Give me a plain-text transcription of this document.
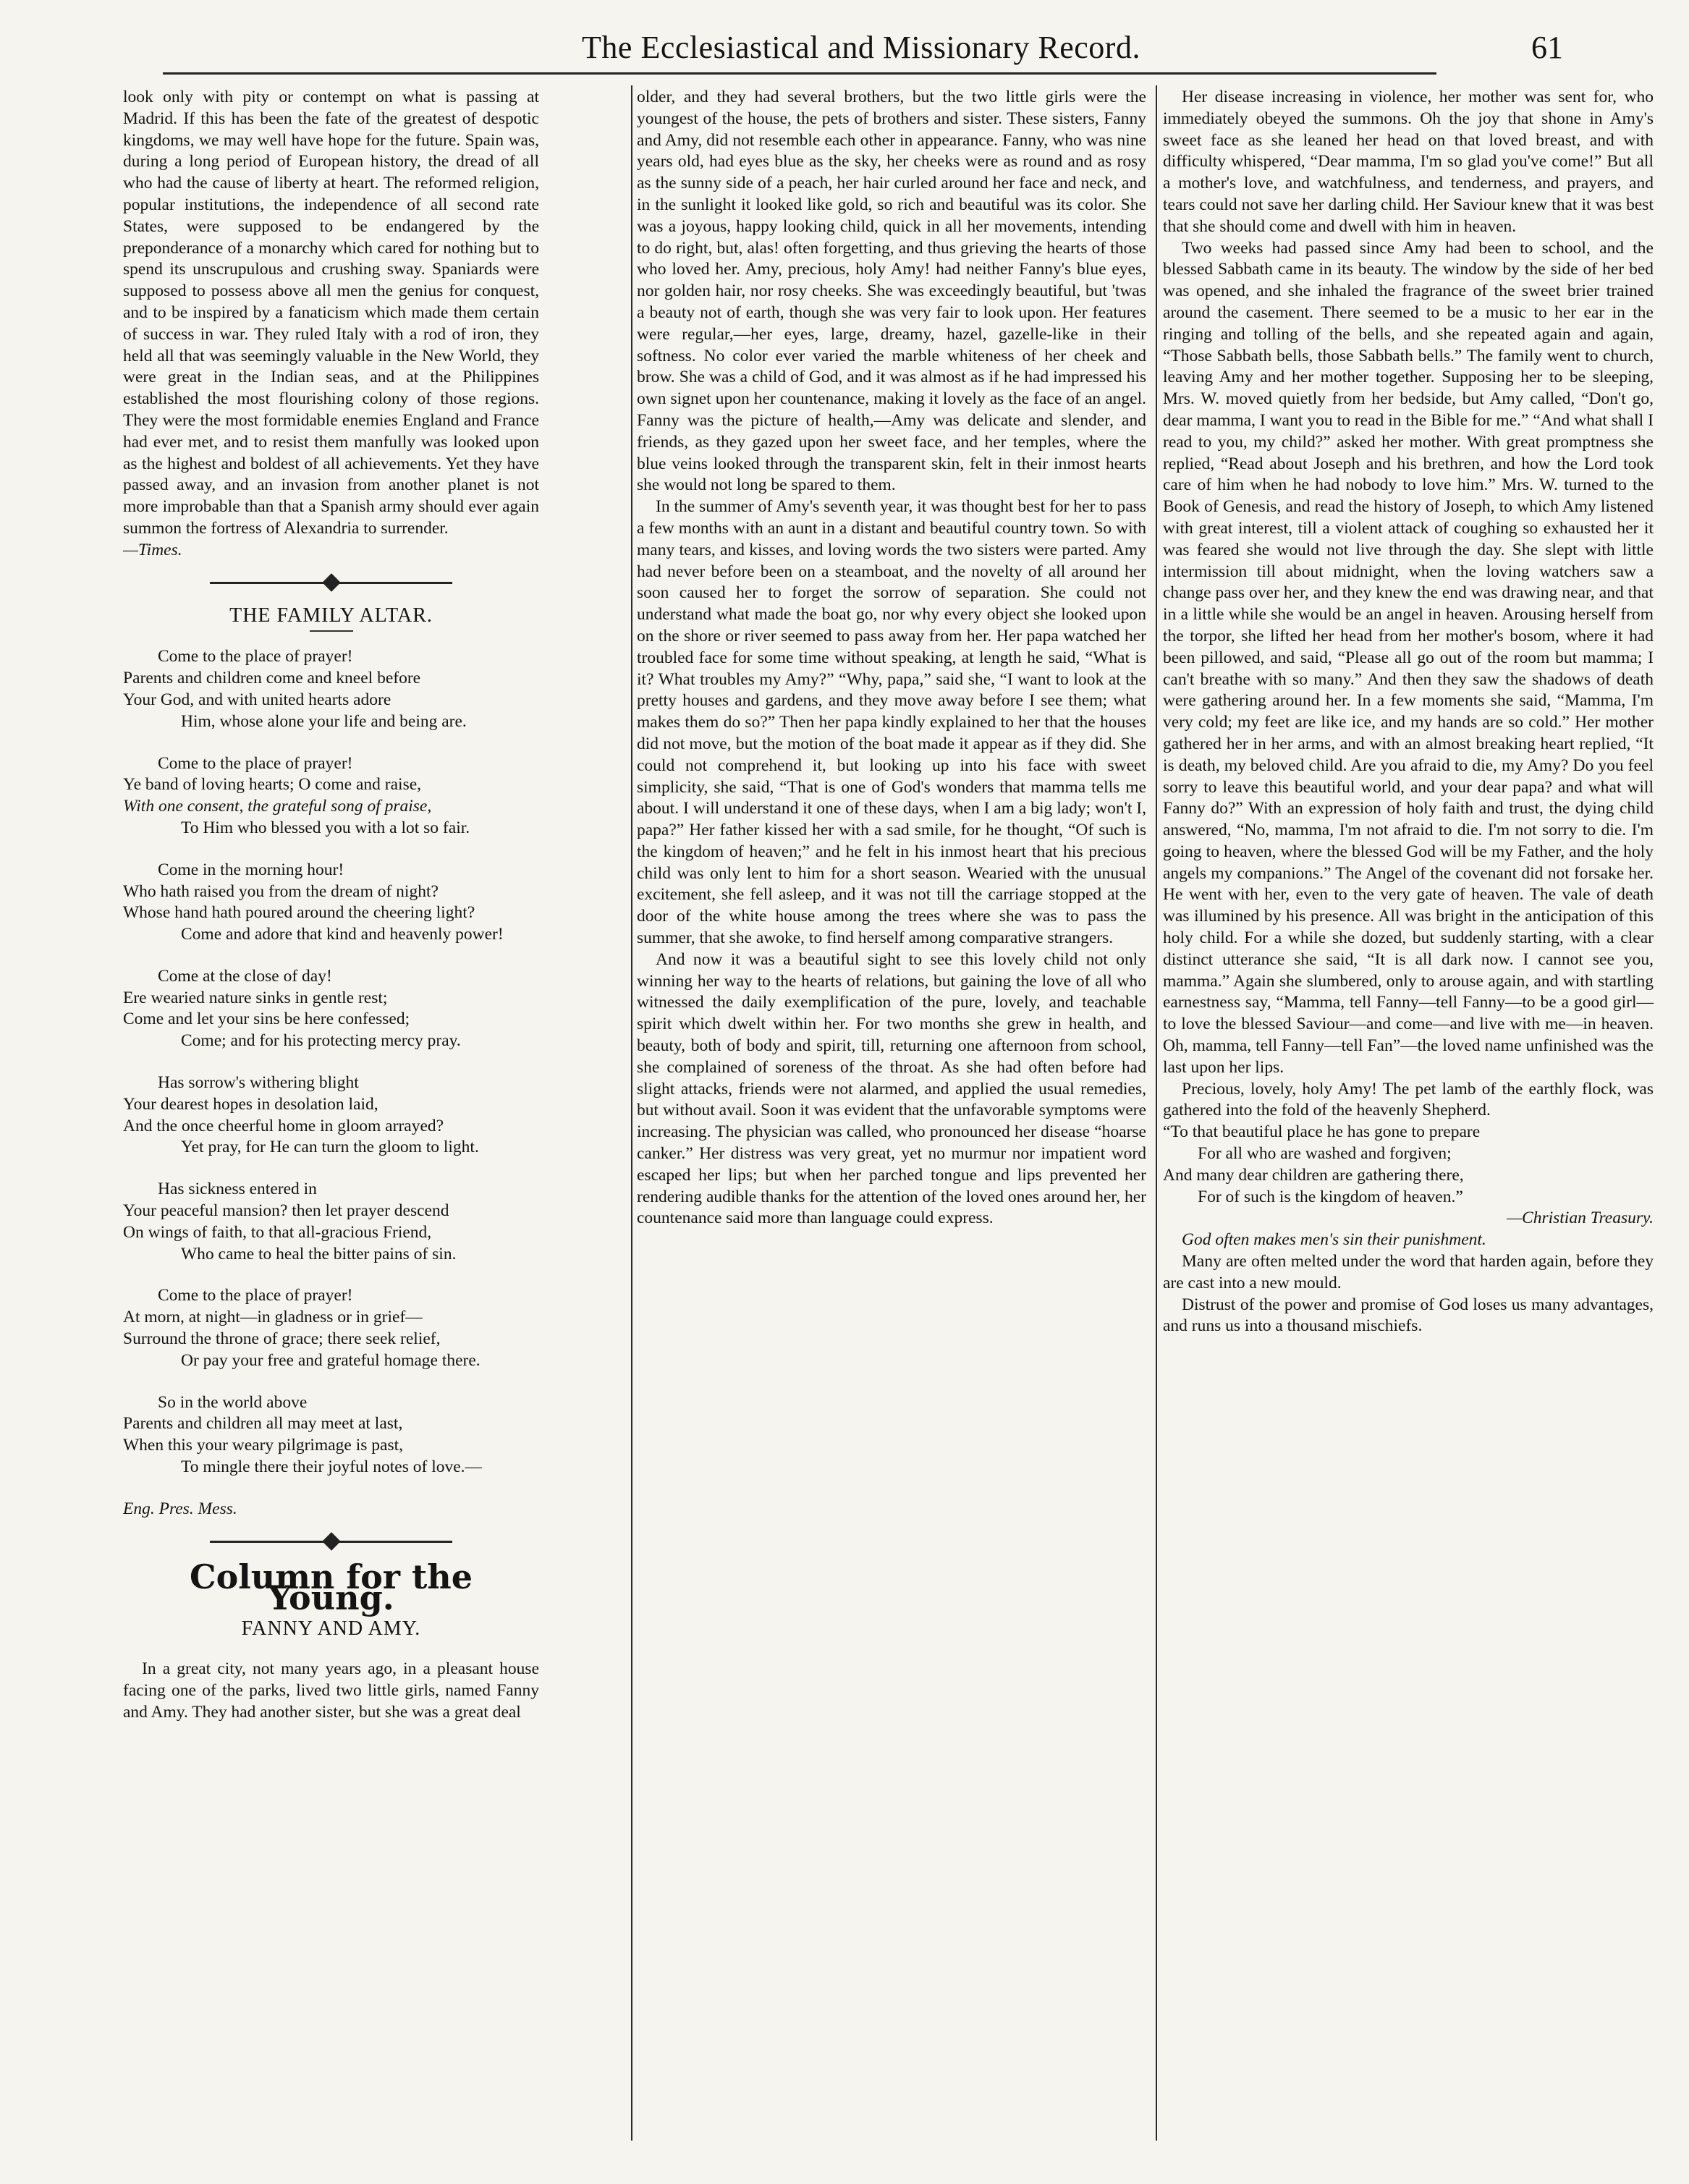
The Ecclesiastical and Missionary Record.	61

look only with pity or contempt on what is passing at Madrid. If this has been the fate of the greatest of despotic kingdoms, we may well have hope for the future. Spain was, during a long period of European history, the dread of all who had the cause of liberty at heart. The reformed religion, popular institutions, the independence of all second rate States, were supposed to be endangered by the preponderance of a monarchy which cared for nothing but to spend its unscrupulous and crushing sway. Spaniards were supposed to possess above all men the genius for conquest, and to be inspired by a fanaticism which made them certain of success in war. They ruled Italy with a rod of iron, they held all that was seemingly valuable in the New World, they were great in the Indian seas, and at the Philippines established the most flourishing colony of those regions. They were the most formidable enemies England and France had ever met, and to resist them manfully was looked upon as the highest and boldest of all achievements. Yet they have passed away, and an invasion from another planet is not more improbable than that a Spanish army should ever again summon the fortress of Alexandria to surrender.

—Times.

THE FAMILY ALTAR.
Come to the place of prayer!
Parents and children come and kneel before
Your God, and with united hearts adore
Him, whose alone your life and being are.
Come to the place of prayer!
Ye band of loving hearts; O come and raise,
With one consent, the grateful song of praise,
To Him who blessed you with a lot so fair.
Come in the morning hour!
Who hath raised you from the dream of night?
Whose hand hath poured around the cheering light?
Come and adore that kind and heavenly power!
Come at the close of day!
Ere wearied nature sinks in gentle rest;
Come and let your sins be here confessed;
Come; and for his protecting mercy pray.
Has sorrow's withering blight
Your dearest hopes in desolation laid,
And the once cheerful home in gloom arrayed?
Yet pray, for He can turn the gloom to light.
Has sickness entered in
Your peaceful mansion? then let prayer descend
On wings of faith, to that all-gracious Friend,
Who came to heal the bitter pains of sin.
Come to the place of prayer!
At morn, at night—in gladness or in grief—
Surround the throne of grace; there seek relief,
Or pay your free and grateful homage there.
So in the world above
Parents and children all may meet at last,
When this your weary pilgrimage is past,
To mingle there their joyful notes of love.—
Eng. Pres. Mess.
Column for the Young.
FANNY AND AMY.

In a great city, not many years ago, in a pleasant house facing one of the parks, lived two little girls, named Fanny and Amy. They had another sister, but she was a great deal

older, and they had several brothers, but the two little girls were the youngest of the house, the pets of brothers and sister. These sisters, Fanny and Amy, did not resemble each other in appearance. Fanny, who was nine years old, had eyes blue as the sky, her cheeks were as round and as rosy as the sunny side of a peach, her hair curled around her face and neck, and in the sunlight it looked like gold, so rich and beautiful was its color. She was a joyous, happy looking child, quick in all her movements, intending to do right, but, alas! often forgetting, and thus grieving the hearts of those who loved her. Amy, precious, holy Amy! had neither Fanny's blue eyes, nor golden hair, nor rosy cheeks. She was exceedingly beautiful, but 'twas a beauty not of earth, though she was very fair to look upon. Her features were regular,—her eyes, large, dreamy, hazel, gazelle-like in their softness. No color ever varied the marble whiteness of her cheek and brow. She was a child of God, and it was almost as if he had impressed his own signet upon her countenance, making it lovely as the face of an angel. Fanny was the picture of health,—Amy was delicate and slender, and friends, as they gazed upon her sweet face, and her temples, where the blue veins looked through the transparent skin, felt in their inmost hearts she would not long be spared to them.

In the summer of Amy's seventh year, it was thought best for her to pass a few months with an aunt in a distant and beautiful country town. So with many tears, and kisses, and loving words the two sisters were parted. Amy had never before been on a steamboat, and the novelty of all around her soon caused her to forget the sorrow of separation. She could not understand what made the boat go, nor why every object she looked upon on the shore or river seemed to pass away from her. Her papa watched her troubled face for some time without speaking, at length he said, “What is it? What troubles my Amy?” “Why, papa,” said she, “I want to look at the pretty houses and gardens, and they move away before I see them; what makes them do so?” Then her papa kindly explained to her that the houses did not move, but the motion of the boat made it appear as if they did. She could not comprehend it, but looking up into his face with sweet simplicity, she said, “That is one of God's wonders that mamma tells me about. I will understand it one of these days, when I am a big lady; won't I, papa?” Her father kissed her with a sad smile, for he thought, “Of such is the kingdom of heaven;” and he felt in his inmost heart that his precious child was only lent to him for a short season. Wearied with the unusual excitement, she fell asleep, and it was not till the carriage stopped at the door of the white house among the trees where she was to pass the summer, that she awoke, to find herself among comparative strangers.

And now it was a beautiful sight to see this lovely child not only winning her way to the hearts of relations, but gaining the love of all who witnessed the daily exemplification of the pure, lovely, and teachable spirit which dwelt within her. For two months she grew in health, and beauty, both of body and spirit, till, returning one afternoon from school, she complained of soreness of the throat. As she had often before had slight attacks, friends were not alarmed, and applied the usual remedies, but without avail. Soon it was evident that the unfavorable symptoms were increasing. The physician was called, who pronounced her disease “hoarse canker.” Her distress was very great, yet no murmur nor impatient word escaped her lips; but when her parched tongue and lips prevented her rendering audible thanks for the attention of the loved ones around her, her countenance said more than language could express.

Her disease increasing in violence, her mother was sent for, who immediately obeyed the summons. Oh the joy that shone in Amy's sweet face as she leaned her head on that loved breast, and with difficulty whispered, “Dear mamma, I'm so glad you've come!” But all a mother's love, and watchfulness, and tenderness, and prayers, and tears could not save her darling child. Her Saviour knew that it was best that she should come and dwell with him in heaven.

Two weeks had passed since Amy had been to school, and the blessed Sabbath came in its beauty. The window by the side of her bed was opened, and she inhaled the fragrance of the sweet brier trained around the casement. There seemed to be a music to her ear in the ringing and tolling of the bells, and she repeated again and again, “Those Sabbath bells, those Sabbath bells.” The family went to church, leaving Amy and her mother together. Supposing her to be sleeping, Mrs. W. moved quietly from her bedside, but Amy called, “Don't go, dear mamma, I want you to read in the Bible for me.” “And what shall I read to you, my child?” asked her mother. With great promptness she replied, “Read about Joseph and his brethren, and how the Lord took care of him when he had nobody to love him.” Mrs. W. turned to the Book of Genesis, and read the history of Joseph, to which Amy listened with great interest, till a violent attack of coughing so exhausted her it was feared she would not live through the day. She slept with little intermission till about midnight, when the loving watchers saw a change pass over her, and they knew the end was drawing near, and that in a little while she would be an angel in heaven. Arousing herself from the torpor, she lifted her head from her mother's bosom, where it had been pillowed, and said, “Please all go out of the room but mamma; I can't breathe with so many.” And then they saw the shadows of death were gathering around her. In a few moments she said, “Mamma, I'm very cold; my feet are like ice, and my hands are so cold.” Her mother gathered her in her arms, and with an almost breaking heart replied, “It is death, my beloved child. Are you afraid to die, my Amy? Do you feel sorry to leave this beautiful world, and your dear papa? and what will Fanny do?” With an expression of holy faith and trust, the dying child answered, “No, mamma, I'm not afraid to die. I'm not sorry to die. I'm going to heaven, where the blessed God will be my Father, and the holy angels my companions.” The Angel of the covenant did not forsake her. He went with her, even to the very gate of heaven. The vale of death was illumined by his presence. All was bright in the anticipation of this holy child. For a while she dozed, but suddenly starting, with a clear distinct utterance she said, “It is all dark now. I cannot see you, mamma.” Again she slumbered, only to arouse again, and with startling earnestness say, “Mamma, tell Fanny—tell Fanny—to be a good girl—to love the blessed Saviour—and come—and live with me—in heaven. Oh, mamma, tell Fanny—tell Fan”—the loved name unfinished was the last upon her lips.

Precious, lovely, holy Amy! The pet lamb of the earthly flock, was gathered into the fold of the heavenly Shepherd.

“To that beautiful place he has gone to prepare
For all who are washed and forgiven;
And many dear children are gathering there,
For of such is the kingdom of heaven.”
—Christian Treasury.

God often makes men's sin their punishment.

Many are often melted under the word that harden again, before they are cast into a new mould.

Distrust of the power and promise of God loses us many advantages, and runs us into a thousand mischiefs.
